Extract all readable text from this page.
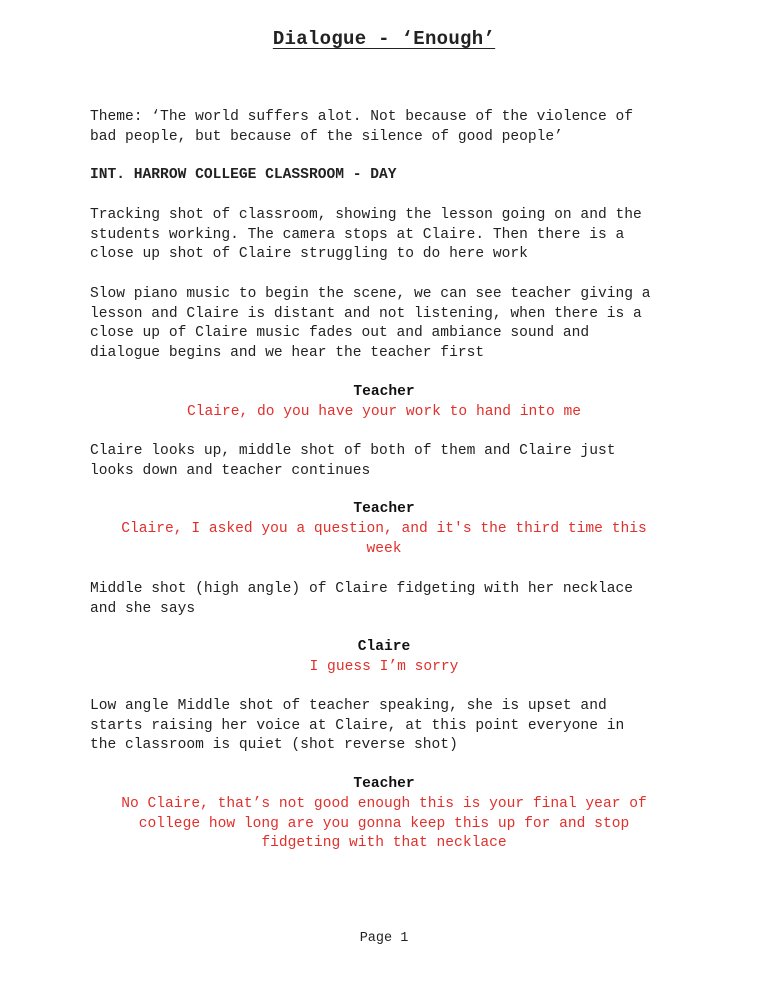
Dialogue - ‘Enough’

Theme: ‘The world suffers alot. Not because of the violence of
bad people, but because of the silence of good people’

INT. HARROW COLLEGE CLASSROOM - DAY

Tracking shot of classroom, showing the lesson going on and the
students working. The camera stops at Claire. Then there is a
close up shot of Claire struggling to do here work

Slow piano music to begin the scene, we can see teacher giving a
lesson and Claire is distant and not listening, when there is a
close up of Claire music fades out and ambiance sound and
dialogue begins and we hear the teacher first

Teacher
Claire, do you have your work to hand into me

Claire looks up, middle shot of both of them and Claire just
looks down and teacher continues

Teacher
Claire, I asked you a question, and it's the third time this
week

Middle shot (high angle) of Claire fidgeting with her necklace
and she says

Claire
I guess I’m sorry

Low angle Middle shot of teacher speaking, she is upset and
starts raising her voice at Claire, at this point everyone in
the classroom is quiet (shot reverse shot)

Teacher
No Claire, that’s not good enough this is your final year of
college how long are you gonna keep this up for and stop
fidgeting with that necklace
Page 1
